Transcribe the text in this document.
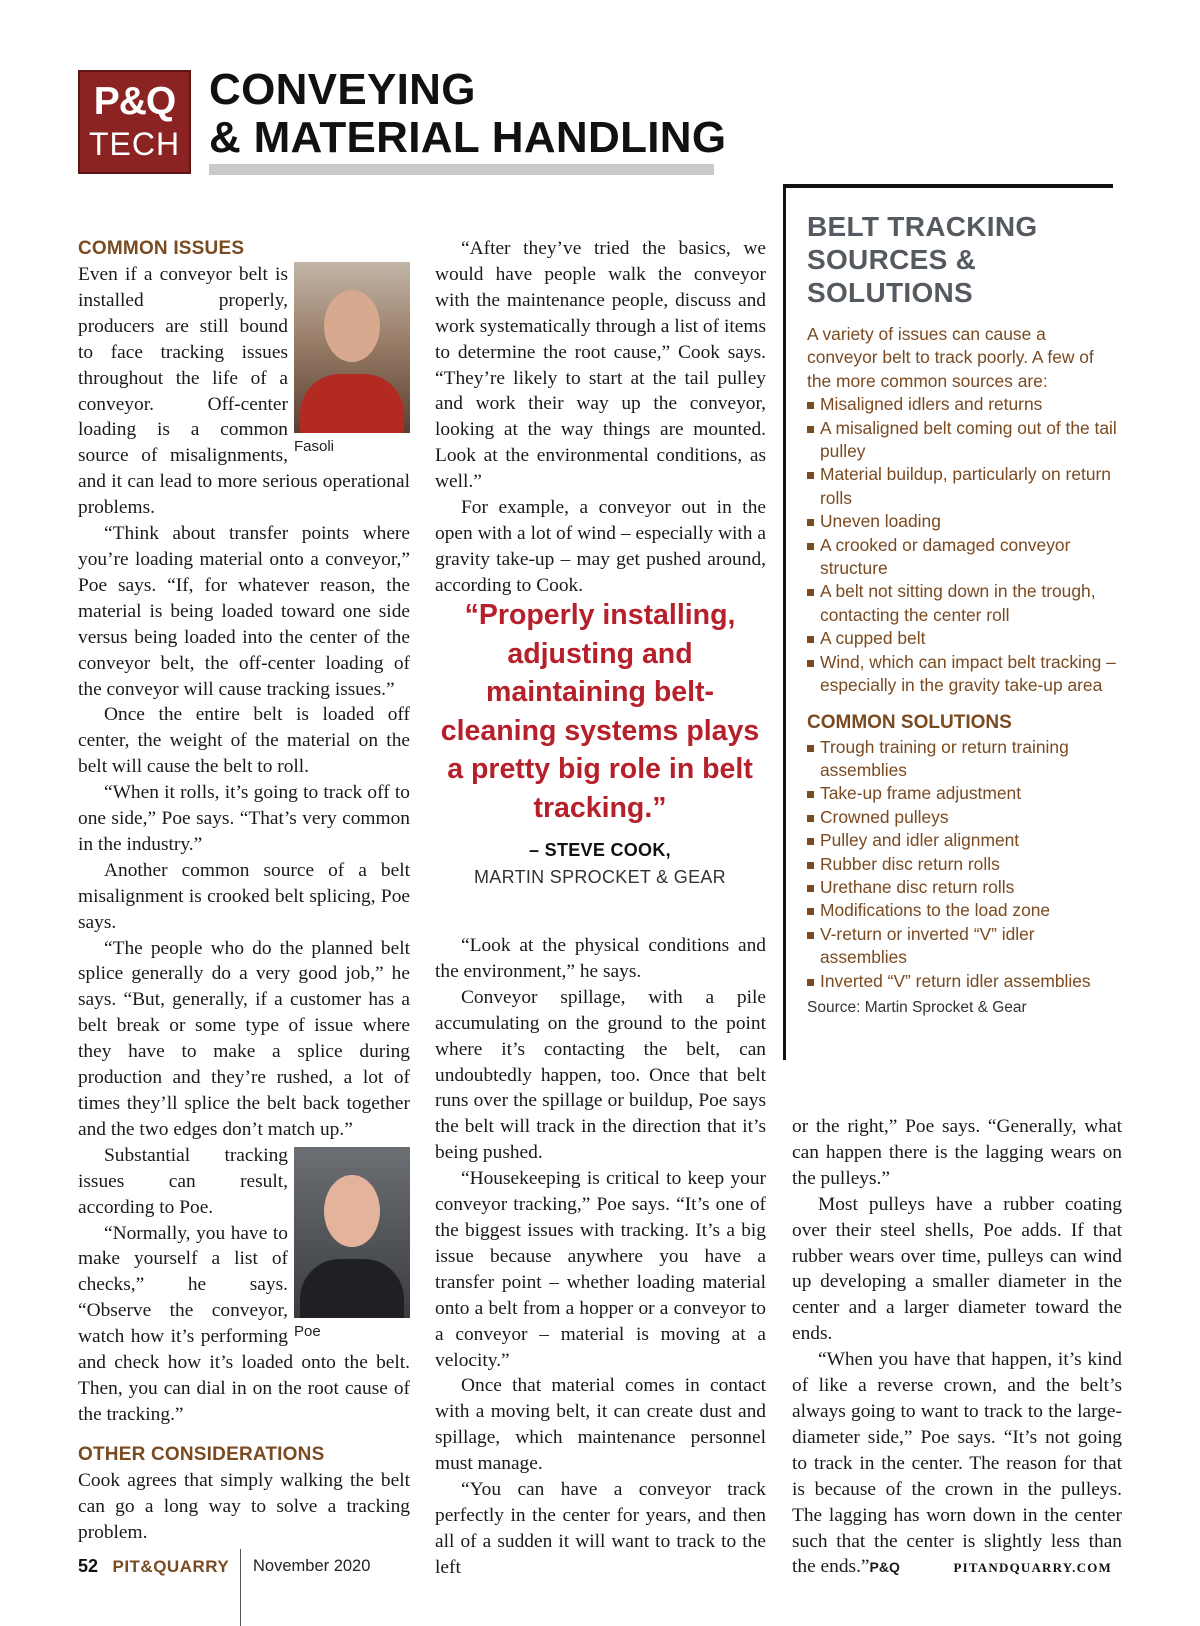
P&Q
TECH
CONVEYING
& MATERIAL HANDLING
COMMON ISSUES
Fasoli

Even if a conveyor belt is installed properly, producers are still bound to face tracking issues throughout the life of a conveyor. Off-center loading is a common source of misalignments, and it can lead to more serious operational problems.

“Think about transfer points where you’re loading material onto a conveyor,” Poe says. “If, for whatever reason, the material is being loaded toward one side versus being loaded into the center of the conveyor belt, the off-center loading of the conveyor will cause tracking issues.”

Once the entire belt is loaded off center, the weight of the material on the belt will cause the belt to roll.

“When it rolls, it’s going to track off to one side,” Poe says. “That’s very common in the industry.”

Another common source of a belt misalignment is crooked belt splicing, Poe says.

“The people who do the planned belt splice generally do a very good job,” he says. “But, generally, if a customer has a belt break or some type of issue where they have to make a splice during production and they’re rushed, a lot of times they’ll splice the belt back together and the two edges don’t match up.”

Poe

Substantial tracking issues can result, according to Poe.

“Normally, you have to make yourself a list of checks,” he says. “Observe the conveyor, watch how it’s performing and check how it’s loaded onto the belt. Then, you can dial in on the root cause of the tracking.”

OTHER CONSIDERATIONS

Cook agrees that simply walking the belt can go a long way to solve a tracking problem.

“After they’ve tried the basics, we would have people walk the conveyor with the maintenance people, discuss and work systematically through a list of items to determine the root cause,” Cook says. “They’re likely to start at the tail pulley and work their way up the conveyor, looking at the way things are mounted. Look at the environmental conditions, as well.”

For example, a conveyor out in the open with a lot of wind – especially with a gravity take-up – may get pushed around, according to Cook.

“Properly installing, adjusting and maintaining belt-cleaning systems plays a pretty big role in belt tracking.”
– STEVE COOK,
MARTIN SPROCKET & GEAR

“Look at the physical conditions and the environment,” he says.

Conveyor spillage, with a pile accumulating on the ground to the point where it’s contacting the belt, can undoubtedly happen, too. Once that belt runs over the spillage or buildup, Poe says the belt will track in the direction that it’s being pushed.

“Housekeeping is critical to keep your conveyor tracking,” Poe says. “It’s one of the biggest issues with tracking. It’s a big issue because anywhere you have a transfer point – whether loading material onto a belt from a hopper or a conveyor to a conveyor – material is moving at a velocity.”

Once that material comes in contact with a moving belt, it can create dust and spillage, which maintenance personnel must manage.

“You can have a conveyor track perfectly in the center for years, and then all of a sudden it will want to track to the left

BELT TRACKING SOURCES & SOLUTIONS
A variety of issues can cause a conveyor belt to track poorly. A few of the more common sources are:
Misaligned idlers and returns
A misaligned belt coming out of the tail pulley
Material buildup, particularly on return rolls
Uneven loading
A crooked or damaged conveyor structure
A belt not sitting down in the trough, contacting the center roll
A cupped belt
Wind, which can impact belt tracking – especially in the gravity take-up area
COMMON SOLUTIONS
Trough training or return training assemblies
Take-up frame adjustment
Crowned pulleys
Pulley and idler alignment
Rubber disc return rolls
Urethane disc return rolls
Modifications to the load zone
V-return or inverted “V” idler assemblies
Inverted “V” return idler assemblies
Source: Martin Sprocket & Gear

or the right,” Poe says. “Generally, what can happen there is the lagging wears on the pulleys.”

Most pulleys have a rubber coating over their steel shells, Poe adds. If that rubber wears over time, pulleys can wind up developing a smaller diameter in the center and a larger diameter toward the ends.

“When you have that happen, it’s kind of like a reverse crown, and the belt’s always going to want to track to the large-diameter side,” Poe says. “It’s not going to track in the center. The reason for that is because of the crown in the pulleys. The lagging has worn down in the center such that the center is slightly less than the ends.”P&Q

52 PIT&QUARRY November 2020	PITANDQUARRY.COM
